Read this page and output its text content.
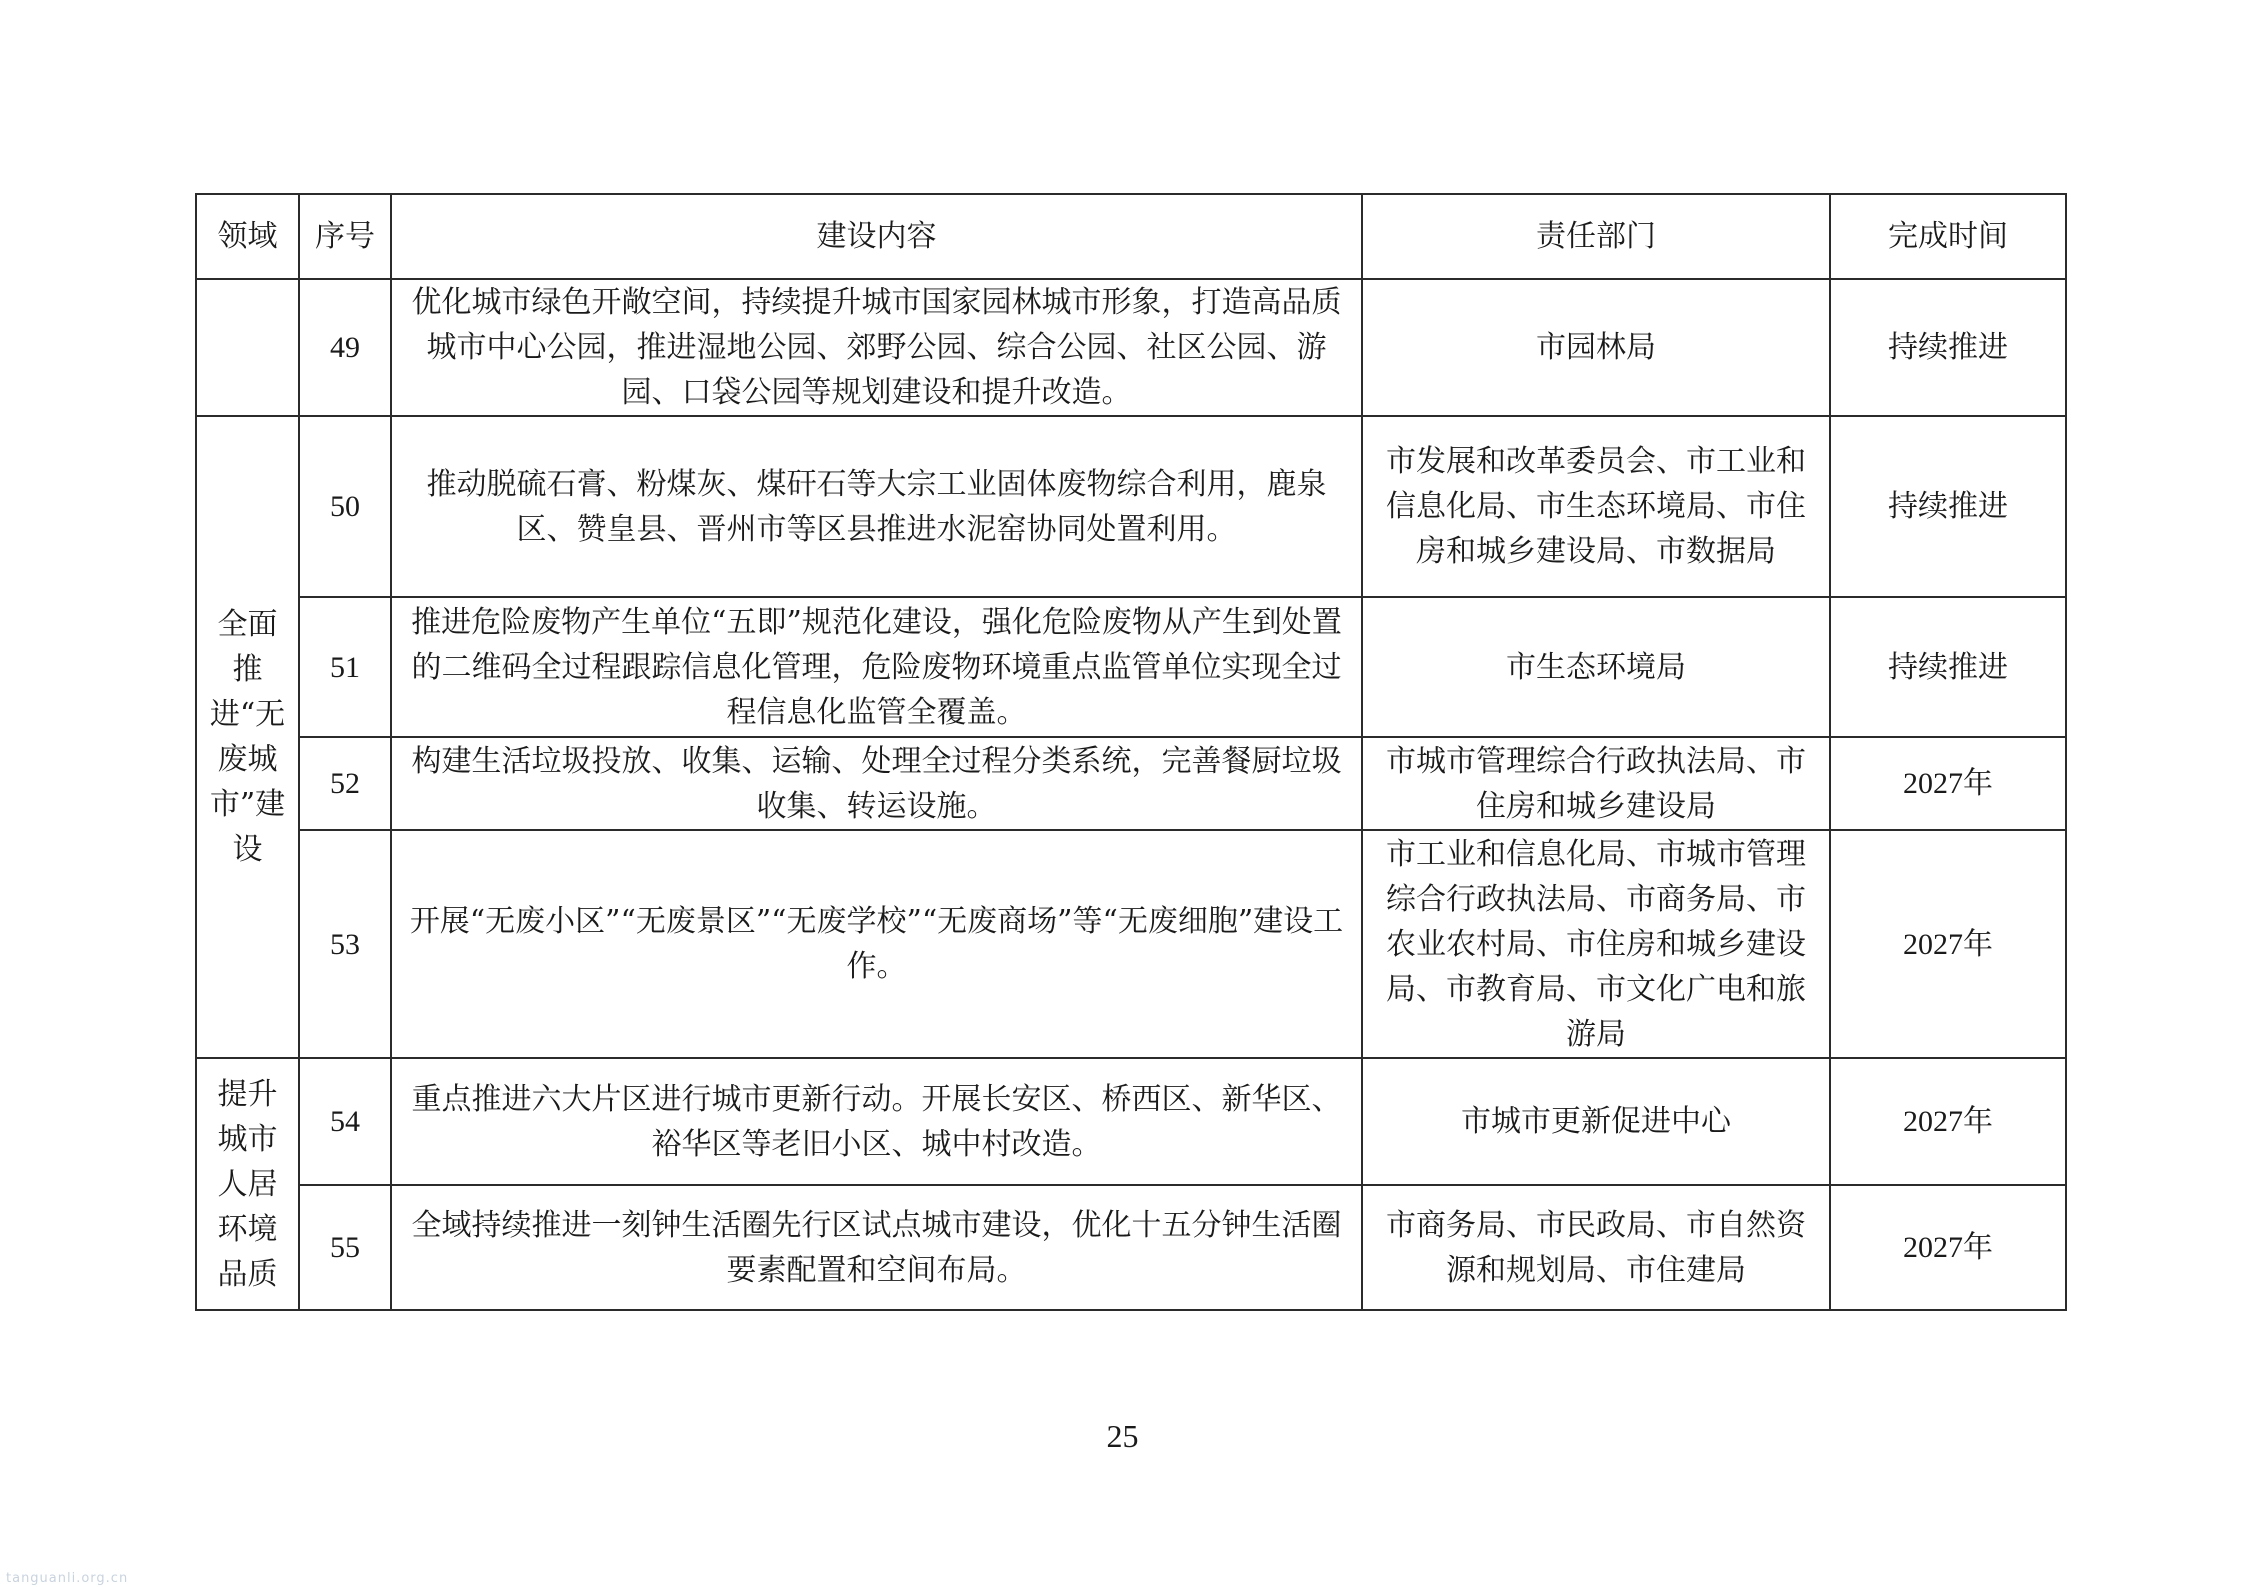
领域	序号	建设内容	责任部门	完成时间
	49	优化城市绿色开敞空间，持续提升城市国家园林城市形象，打造高品质城市中心公园，推进湿地公园、郊野公园、综合公园、社区公园、游园、口袋公园等规划建设和提升改造。	市园林局	持续推进
全面推进“无废城市”建设	50	推动脱硫石膏、粉煤灰、煤矸石等大宗工业固体废物综合利用，鹿泉区、赞皇县、晋州市等区县推进水泥窑协同处置利用。	市发展和改革委员会、市工业和信息化局、市生态环境局、市住房和城乡建设局、市数据局	持续推进
	51	推进危险废物产生单位“五即”规范化建设，强化危险废物从产生到处置的二维码全过程跟踪信息化管理，危险废物环境重点监管单位实现全过程信息化监管全覆盖。	市生态环境局	持续推进
	52	构建生活垃圾投放、收集、运输、处理全过程分类系统，完善餐厨垃圾收集、转运设施。	市城市管理综合行政执法局、市住房和城乡建设局	2027年
	53	开展“无废小区”“无废景区”“无废学校”“无废商场”等“无废细胞”建设工作。	市工业和信息化局、市城市管理综合行政执法局、市商务局、市农业农村局、市住房和城乡建设局、市教育局、市文化广电和旅游局	2027年
提升城市人居环境品质	54	重点推进六大片区进行城市更新行动。开展长安区、桥西区、新华区、裕华区等老旧小区、城中村改造。	市城市更新促进中心	2027年
	55	全域持续推进一刻钟生活圈先行区试点城市建设，优化十五分钟生活圈要素配置和空间布局。	市商务局、市民政局、市自然资源和规划局、市住建局	2027年
25
tanguanli.org.cn
